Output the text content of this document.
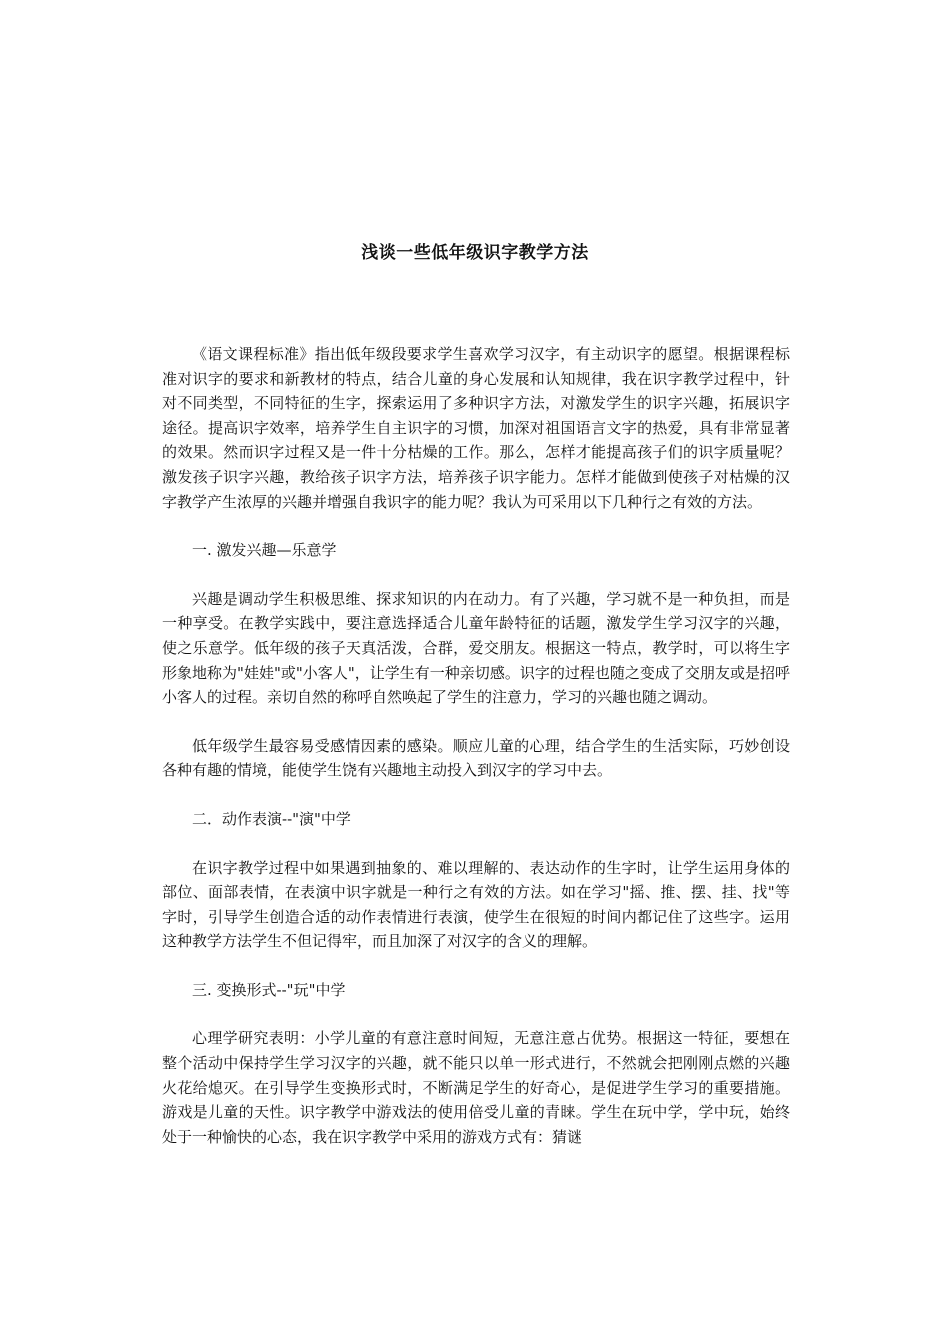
浅谈一些低年级识字教学方法

《语文课程标准》指出低年级段要求学生喜欢学习汉字，有主动识字的愿望。根据课程标准对识字的要求和新教材的特点，结合儿童的身心发展和认知规律，我在识字教学过程中，针对不同类型，不同特征的生字，探索运用了多种识字方法，对激发学生的识字兴趣，拓展识字途径。提高识字效率，培养学生自主识字的习惯，加深对祖国语言文字的热爱，具有非常显著的效果。然而识字过程又是一件十分枯燥的工作。那么，怎样才能提高孩子们的识字质量呢？激发孩子识字兴趣，教给孩子识字方法，培养孩子识字能力。怎样才能做到使孩子对枯燥的汉字教学产生浓厚的兴趣并增强自我识字的能力呢？我认为可采用以下几种行之有效的方法。

一. 激发兴趣—乐意学

兴趣是调动学生积极思维、探求知识的内在动力。有了兴趣，学习就不是一种负担，而是一种享受。在教学实践中，要注意选择适合儿童年龄特征的话题，激发学生学习汉字的兴趣，使之乐意学。低年级的孩子天真活泼，合群，爱交朋友。根据这一特点，教学时，可以将生字形象地称为"娃娃"或"小客人"，让学生有一种亲切感。识字的过程也随之变成了交朋友或是招呼小客人的过程。亲切自然的称呼自然唤起了学生的注意力，学习的兴趣也随之调动。

低年级学生最容易受感情因素的感染。顺应儿童的心理，结合学生的生活实际，巧妙创设各种有趣的情境，能使学生饶有兴趣地主动投入到汉字的学习中去。

二．动作表演--"演"中学

在识字教学过程中如果遇到抽象的、难以理解的、表达动作的生字时，让学生运用身体的部位、面部表情，在表演中识字就是一种行之有效的方法。如在学习"摇、推、摆、挂、找"等字时，引导学生创造合适的动作表情进行表演，使学生在很短的时间内都记住了这些字。运用这种教学方法学生不但记得牢，而且加深了对汉字的含义的理解。

三. 变换形式--"玩"中学

心理学研究表明：小学儿童的有意注意时间短，无意注意占优势。根据这一特征，要想在整个活动中保持学生学习汉字的兴趣，就不能只以单一形式进行，不然就会把刚刚点燃的兴趣火花给熄灭。在引导学生变换形式时，不断满足学生的好奇心，是促进学生学习的重要措施。游戏是儿童的天性。识字教学中游戏法的使用倍受儿童的青睐。学生在玩中学，学中玩，始终处于一种愉快的心态，我在识字教学中采用的游戏方式有：猜谜
